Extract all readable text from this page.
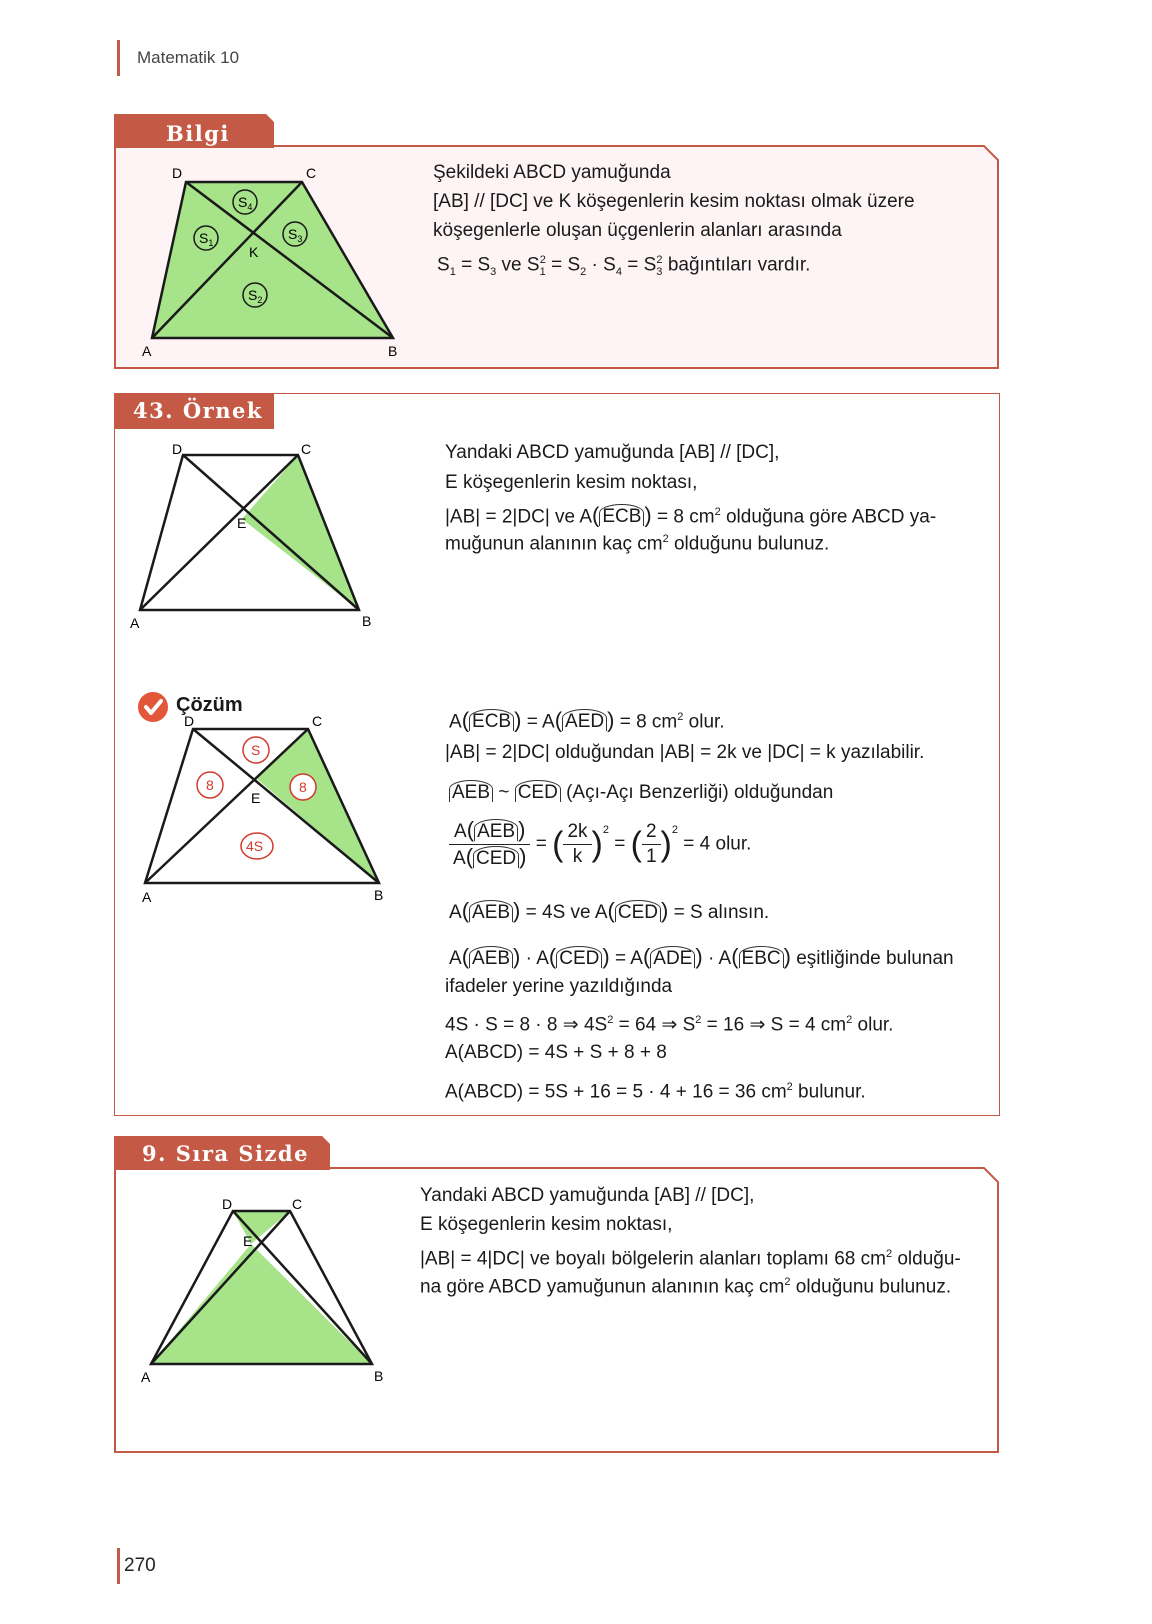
Matematik 10
270
Bilgi
D	C
A	B
K
$S_4$
$S_1$
$S_3$
$S_2$
Şekildeki ABCD yamuğunda
[AB] // [DC] ve K köşegenlerin kesim noktası olmak üzere
köşegenlerle oluşan üçgenlerin alanları arasında
$S_1 = S_3$ ve $S_1^2 = S_2 \cdot S_4 = S_3^2$ bağıntıları vardır.
43. Örnek
D	C
A	B
E
Yandaki ABCD yamuğunda [AB] // [DC],
E köşegenlerin kesim noktası,
|AB| = 2|DC| ve A( ECB ) = 8 $cm^2$ olduğuna göre ABCD ya-
muğunun alanının kaç $cm^2$ olduğunu bulunuz.
Çözüm
D	C
A	B
E
S
8	8
4S
A( ECB ) = A( AED ) = 8 $cm^2$ olur.
|AB| = 2|DC| olduğundan |AB| = 2k ve |DC| = k yazılabilir.
AEB ~ CED (Açı-Açı Benzerliği) olduğundan
$\frac{\text{A( AEB )}}{\text{A( CED )}}$ = ( $\frac{2k}{k} )^2$ = ( $\frac{2}{1} )^2 = 4$ olur.
A( AEB ) = 4S ve A( CED ) = S alınsın.
A( AEB ) · A( CED ) = A( ADE ) · A( EBC ) eşitliğinde bulunan
ifadeler yerine yazıldığında
4S · S = 8 · 8 ⇒ $4S^2 = 64$ ⇒ $S^2 = 16$ ⇒ S = 4 $cm^2$ olur.
A(ABCD) = 4S + S + 8 + 8
A(ABCD) = 5S + 16 = 5 · 4 + 16 = 36 $cm^2$ bulunur.
9. Sıra Sizde
D	C
A	B
E
Yandaki ABCD yamuğunda [AB] // [DC],
E köşegenlerin kesim noktası,
|AB| = 4|DC| ve boyalı bölgelerin alanları toplamı 68 $cm^2$ olduğu-
na göre ABCD yamuğunun alanının kaç $cm^2$ olduğunu bulunuz.
